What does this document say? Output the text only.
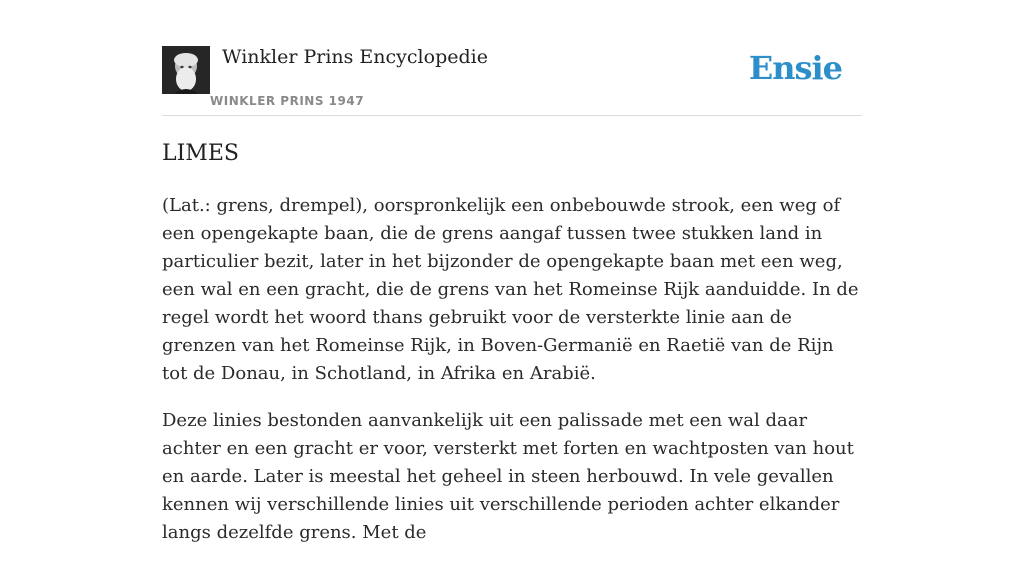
Winkler Prins Encyclopedie
WINKLER PRINS 1947
Ensie
LIMES

(Lat.: grens, drempel), oorspronkelijk een onbebouwde strook, een weg of een opengekapte baan, die de grens aangaf tussen twee stukken land in particulier bezit, later in het bijzonder de opengekapte baan met een weg, een wal en een gracht, die de grens van het Romeinse Rijk aanduidde. In de regel wordt het woord thans gebruikt voor de versterkte linie aan de grenzen van het Romeinse Rijk, in Boven-Germanië en Raetië van de Rijn tot de Donau, in Schotland, in Afrika en Arabië.

Deze linies bestonden aanvankelijk uit een palissade met een wal daar achter en een gracht er voor, versterkt met forten en wachtposten van hout en aarde. Later is meestal het geheel in steen herbouwd. In vele gevallen kennen wij verschillende linies uit verschillende perioden achter elkander langs dezelfde grens. Met de
